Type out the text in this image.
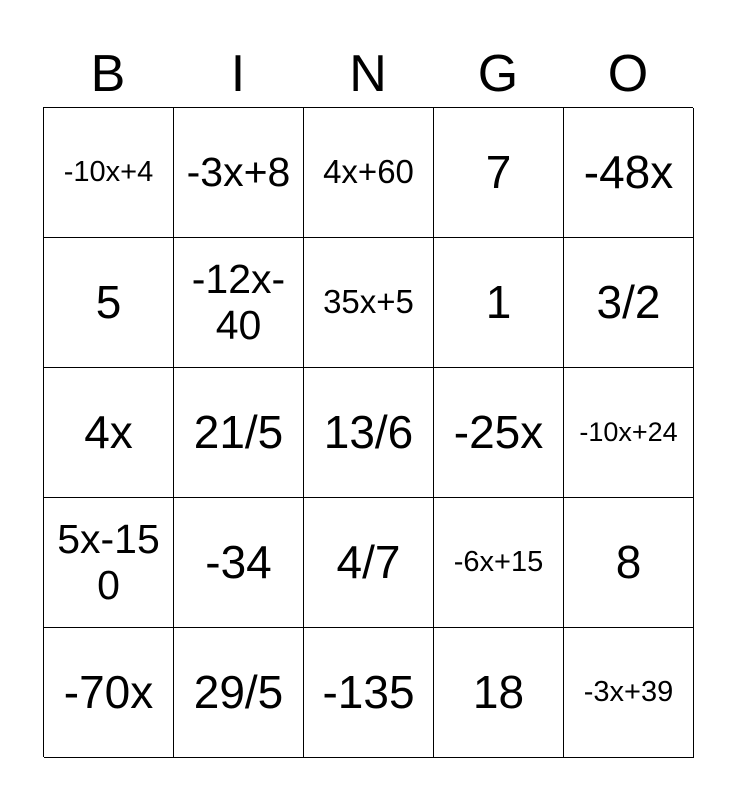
B	I	N	G	O
-10x+4 -3x+8 4x+60 7 -48x
5 -12x-40	35x+5 1 3/2
4x 21/5 13/6 -25x -10x+24
5x-150	-34 4/7 -6x+15 8
-70x 29/5 -135 18 -3x+39
